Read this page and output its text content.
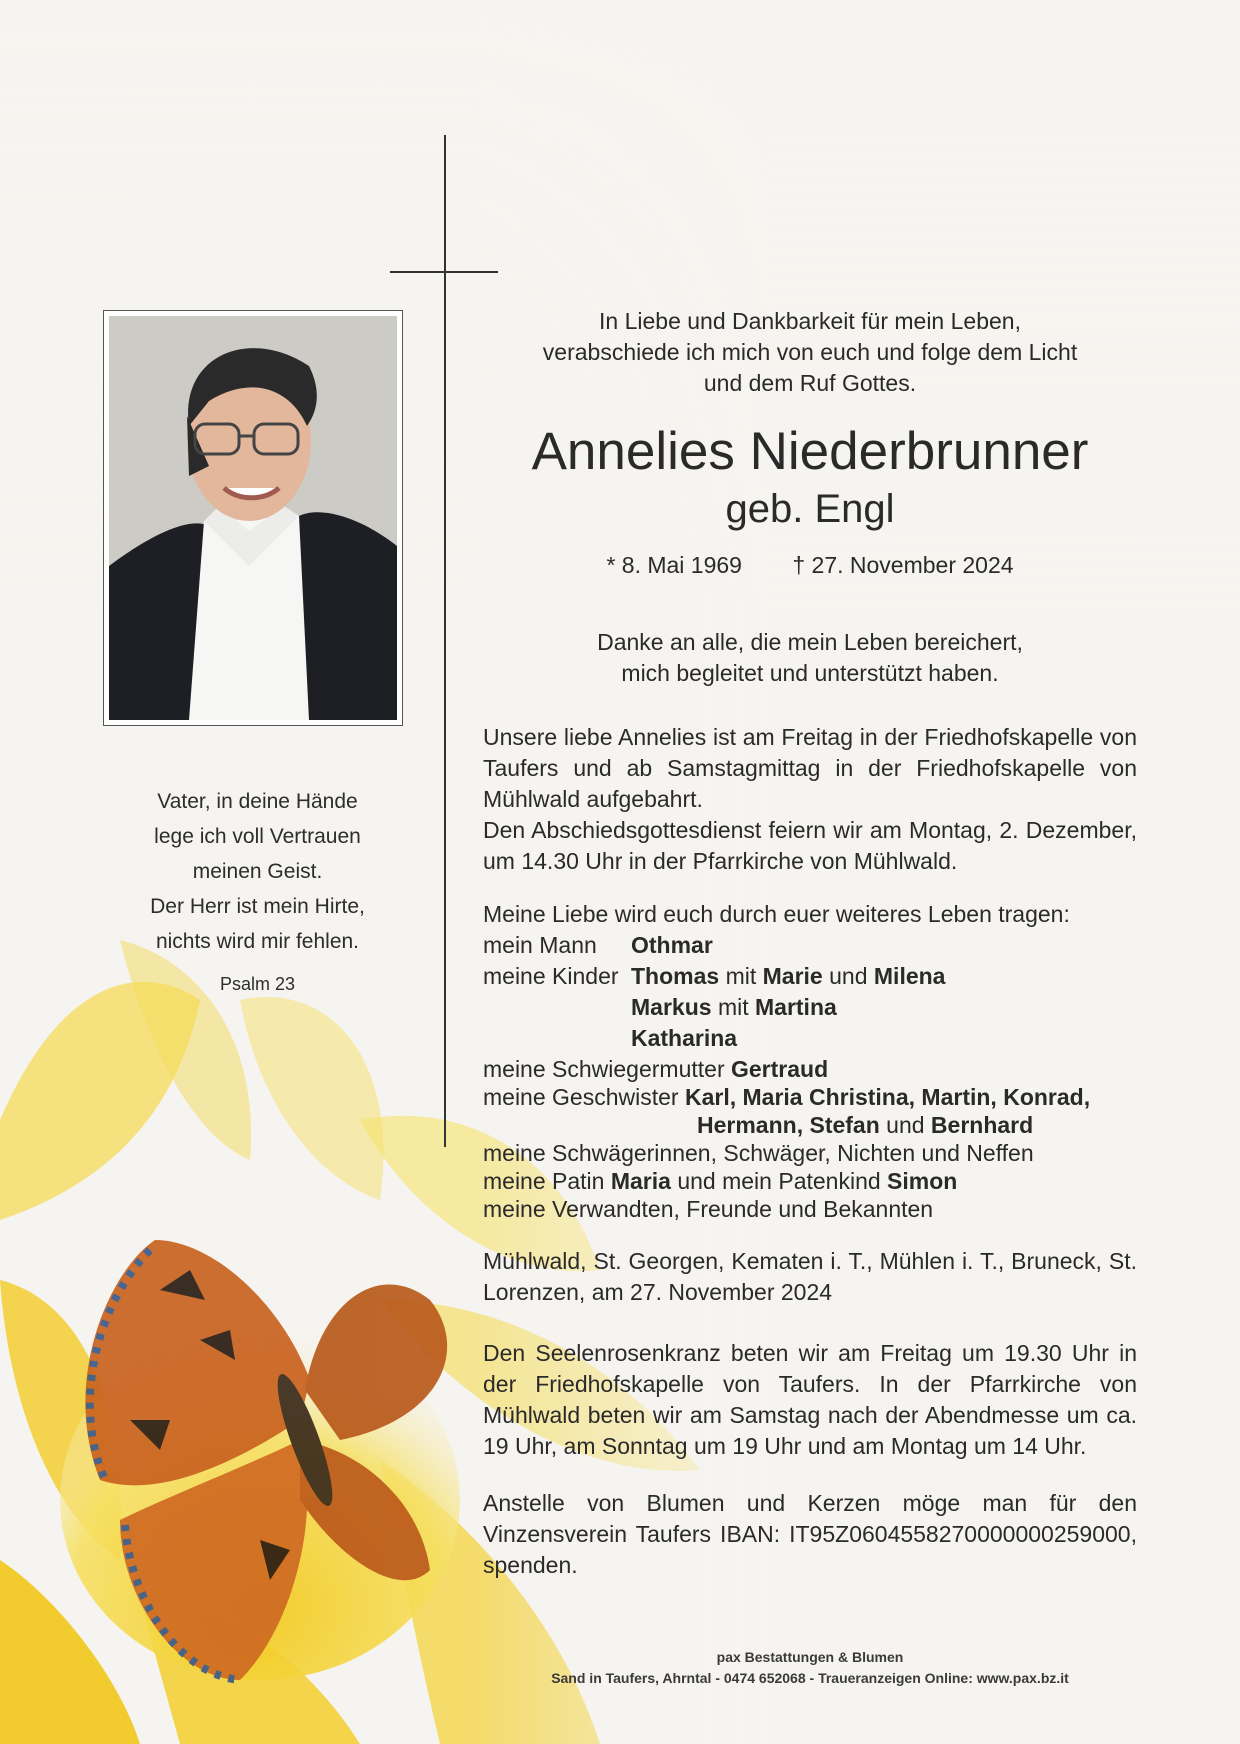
Vater, in deine Hände
lege ich voll Vertrauen
meinen Geist.
Der Herr ist mein Hirte,
nichts wird mir fehlen.
Psalm 23
In Liebe und Dankbarkeit für mein Leben,
verabschiede ich mich von euch und folge dem Licht
und dem Ruf Gottes.
Annelies Niederbrunner
geb. Engl
* 8. Mai 1969 † 27. November 2024
Danke an alle, die mein Leben bereichert,
mich begleitet und unterstützt haben.
Unsere liebe Annelies ist am Freitag in der Friedhofskapelle von Taufers und ab Samstagmittag in der Friedhofskapelle von Mühlwald aufgebahrt.
Den Abschiedsgottesdienst feiern wir am Montag, 2. Dezember, um 14.30 Uhr in der Pfarrkirche von Mühlwald.
Meine Liebe wird euch durch euer weiteres Leben tragen:
mein Mann Othmar
meine Kinder Thomas mit Marie und Milena
Markus mit Martina
Katharina
meine Schwiegermutter Gertraud
meine Geschwister Karl, Maria Christina, Martin, Konrad,
Hermann, Stefan und Bernhard
meine Schwägerinnen, Schwäger, Nichten und Neffen
meine Patin Maria und mein Patenkind Simon
meine Verwandten, Freunde und Bekannten
Mühlwald, St. Georgen, Kematen i. T., Mühlen i. T., Bruneck, St. Lorenzen, am 27. November 2024
Den Seelenrosenkranz beten wir am Freitag um 19.30 Uhr in der Friedhofskapelle von Taufers. In der Pfarrkirche von Mühlwald beten wir am Samstag nach der Abendmesse um ca. 19 Uhr, am Sonntag um 19 Uhr und am Montag um 14 Uhr.
Anstelle von Blumen und Kerzen möge man für den Vinzensverein Taufers IBAN: IT95Z0604558270000000259000, spenden.
pax Bestattungen & Blumen
Sand in Taufers, Ahrntal - 0474 652068 - Traueranzeigen Online: www.pax.bz.it
